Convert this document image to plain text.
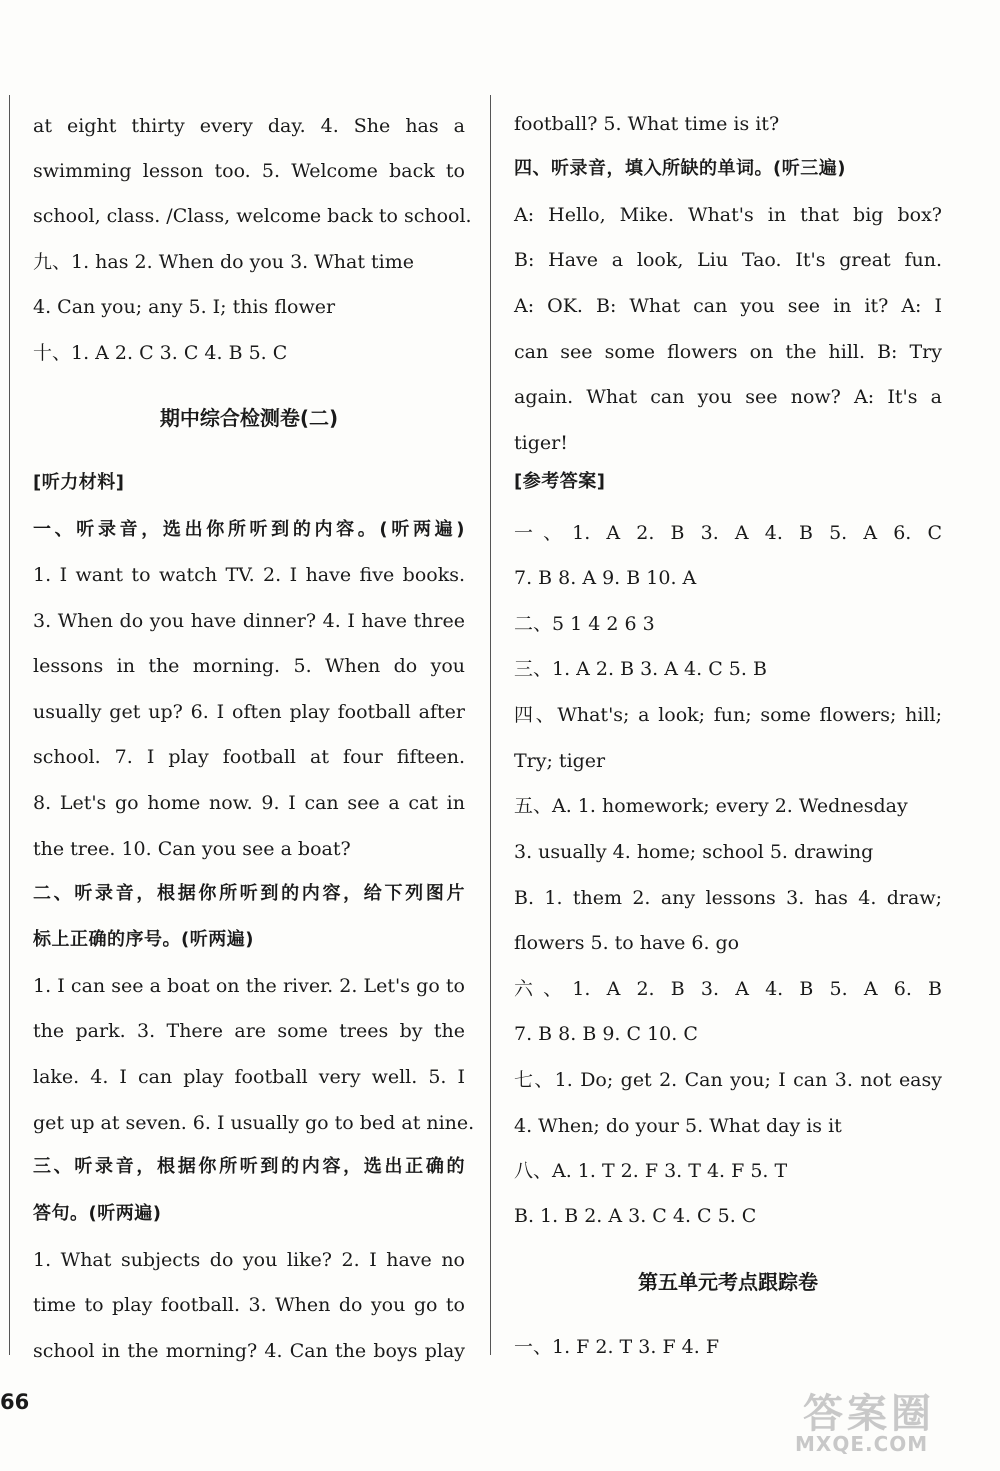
at eight thirty every day. 4. She has a
swimming lesson too. 5. Welcome back to
school, class. /Class, welcome back to school.
九、1. has 2. When do you 3. What time
4. Can you; any 5. I; this flower
十、1. A 2. C 3. C 4. B 5. C
期中综合检测卷(二)
[听力材料]
一、听录音，选出你所听到的内容。(听两遍)
1. I want to watch TV. 2. I have five books.
3. When do you have dinner? 4. I have three
lessons in the morning. 5. When do you
usually get up? 6. I often play football after
school. 7. I play football at four fifteen.
8. Let's go home now. 9. I can see a cat in
the tree. 10. Can you see a boat?
二、听录音，根据你所听到的内容，给下列图片
标上正确的序号。(听两遍)
1. I can see a boat on the river. 2. Let's go to
the park. 3. There are some trees by the
lake. 4. I can play football very well. 5. I
get up at seven. 6. I usually go to bed at nine.
三、听录音，根据你所听到的内容，选出正确的
答句。(听两遍)
1. What subjects do you like? 2. I have no
time to play football. 3. When do you go to
school in the morning? 4. Can the boys play
football? 5. What time is it?
四、听录音，填入所缺的单词。(听三遍)
A: Hello, Mike. What's in that big box?
B: Have a look, Liu Tao. It's great fun.
A: OK. B: What can you see in it? A: I
can see some flowers on the hill. B: Try
again. What can you see now? A: It's a
tiger!
[参考答案]
一、1. A 2. B 3. A 4. B 5. A 6. C
7. B 8. A 9. B 10. A
二、5 1 4 2 6 3
三、1. A 2. B 3. A 4. C 5. B
四、What's; a look; fun; some flowers; hill;
Try; tiger
五、A. 1. homework; every 2. Wednesday
3. usually 4. home; school 5. drawing
B. 1. them 2. any lessons 3. has 4. draw;
flowers 5. to have 6. go
六、1. A 2. B 3. A 4. B 5. A 6. B
7. B 8. B 9. C 10. C
七、1. Do; get 2. Can you; I can 3. not easy
4. When; do your 5. What day is it
八、A. 1. T 2. F 3. T 4. F 5. T
B. 1. B 2. A 3. C 4. C 5. C
第五单元考点跟踪卷
一、1. F 2. T 3. F 4. F
66	答案圈
MXQE.COM
